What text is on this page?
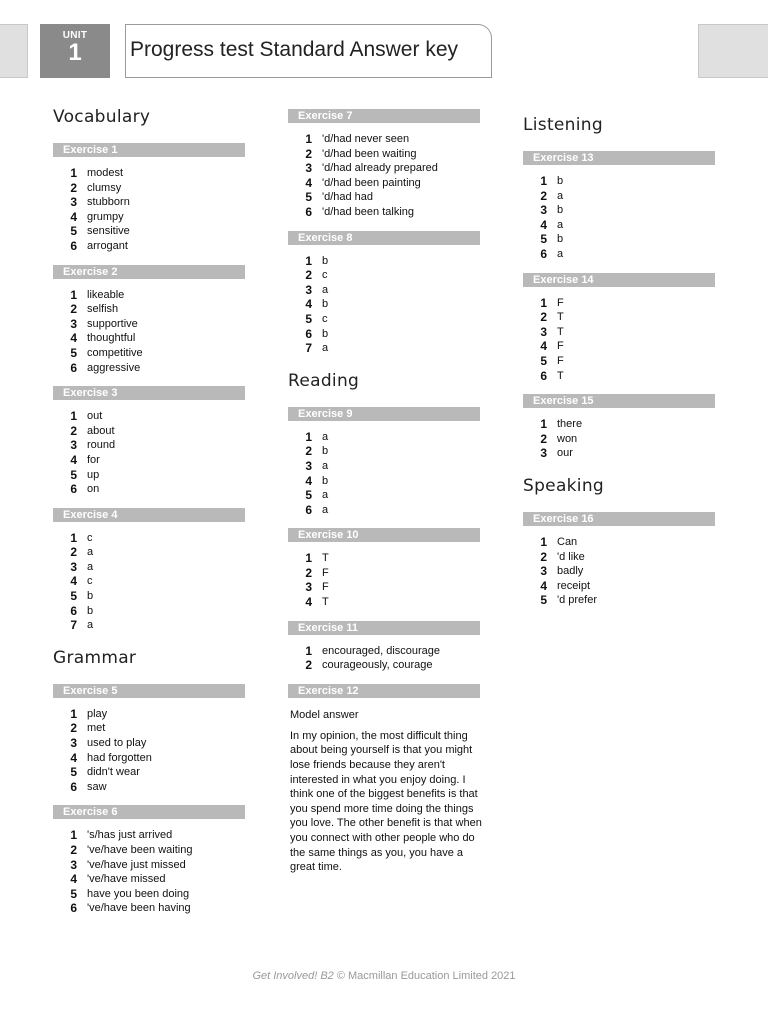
UNIT
1	Progress test Standard Answer key
Vocabulary
Exercise 1
1 modest
2 clumsy
3 stubborn
4 grumpy
5 sensitive
6 arrogant
Exercise 2
1 likeable
2 selfish
3 supportive
4 thoughtful
5 competitive
6 aggressive
Exercise 3
1 out
2 about
3 round
4 for
5 up
6 on
Exercise 4
1 c
2 a
3 a
4 c
5 b
6 b
7 a
Grammar
Exercise 5
1 play
2 met
3 used to play
4 had forgotten
5 didn't wear
6 saw
Exercise 6
1 's/has just arrived
2 've/have been waiting
3 've/have just missed
4 've/have missed
5 have you been doing
6 've/have been having
Exercise 7
1 'd/had never seen
2 'd/had been waiting
3 'd/had already prepared
4 'd/had been painting
5 'd/had had
6 'd/had been talking
Exercise 8
1 b
2 c
3 a
4 b
5 c
6 b
7 a
Reading
Exercise 9
1 a
2 b
3 a
4 b
5 a
6 a
Exercise 10
1 T
2 F
3 F
4 T
Exercise 11
1 encouraged, discourage
2 courageously, courage
Exercise 12
Model answer
In my opinion, the most difficult thing about being yourself is that you might lose friends because they aren't interested in what you enjoy doing. I think one of the biggest benefits is that you spend more time doing the things you love. The other benefit is that when you connect with other people who do the same things as you, you have a great time.
Listening
Exercise 13
1 b
2 a
3 b
4 a
5 b
6 a
Exercise 14
1 F
2 T
3 T
4 F
5 F
6 T
Exercise 15
1 there
2 won
3 our
Speaking
Exercise 16
1 Can
2 'd like
3 badly
4 receipt
5 'd prefer
Get Involved! B2 © Macmillan Education Limited 2021
